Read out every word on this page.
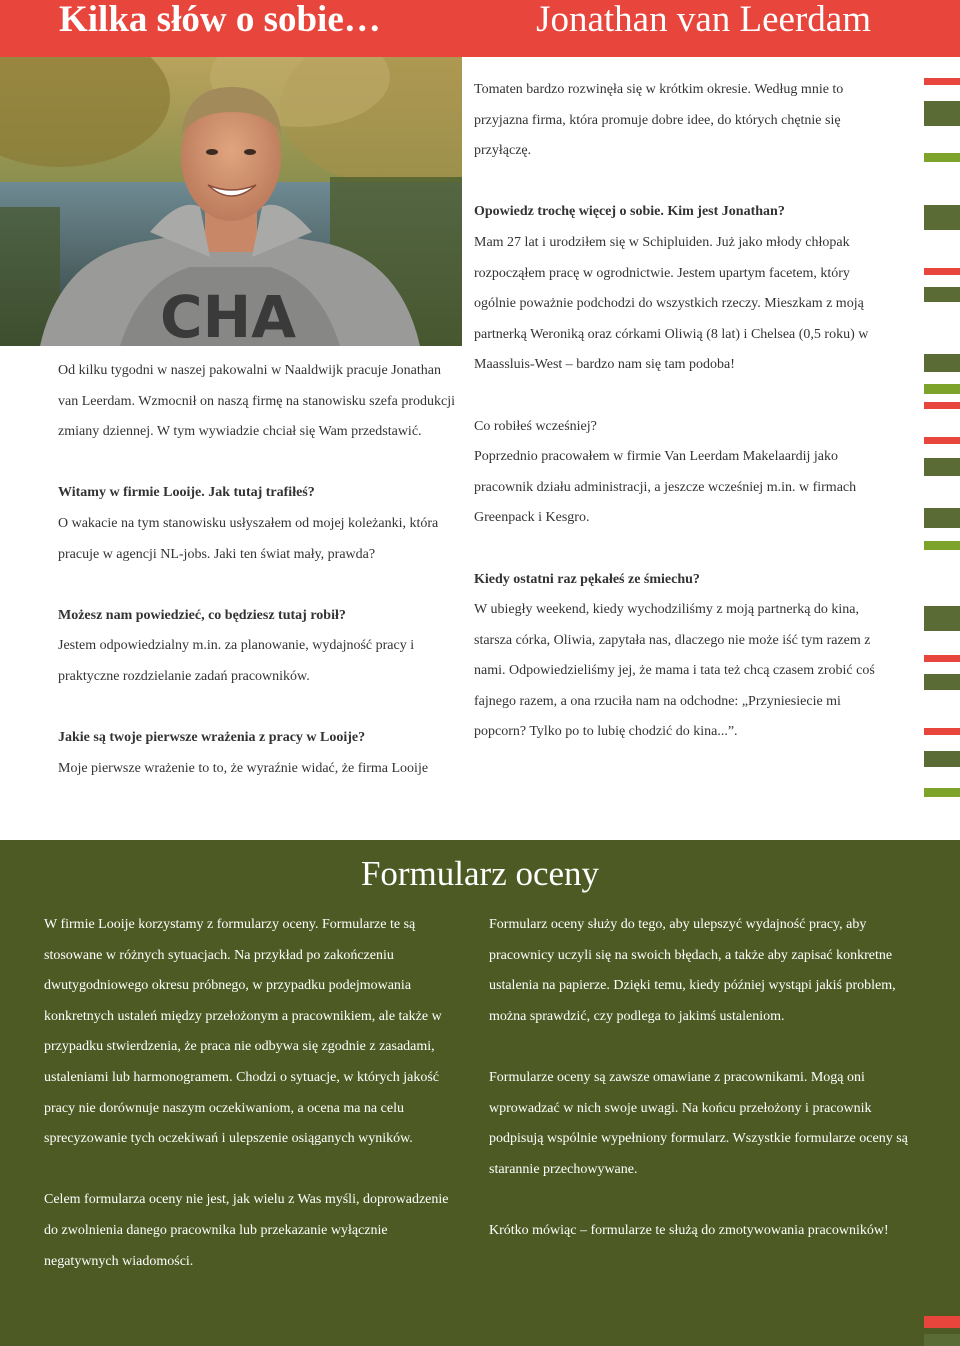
Kilka słów o sobie…	Jonathan van Leerdam
CHA

Od kilku tygodni w naszej pakowalni w Naaldwijk pracuje Jonathan van Leerdam. Wzmocnił on naszą firmę na stanowisku szefa produkcji zmiany dziennej. W tym wywiadzie chciał się Wam przedstawić.

Witamy w firmie Looije. Jak tutaj trafiłeś?

O wakacie na tym stanowisku usłyszałem od mojej koleżanki, która pracuje w agencji NL-jobs. Jaki ten świat mały, prawda?

Możesz nam powiedzieć, co będziesz tutaj robił?

Jestem odpowiedzialny m.in. za planowanie, wydajność pracy i praktyczne rozdzielanie zadań pracowników.

Jakie są twoje pierwsze wrażenia z pracy w Looije?

Moje pierwsze wrażenie to to, że wyraźnie widać, że firma Looije

Tomaten bardzo rozwinęła się w krótkim okresie. Według mnie to przyjazna firma, która promuje dobre idee, do których chętnie się przyłączę.

Opowiedz trochę więcej o sobie. Kim jest Jonathan?

Mam 27 lat i urodziłem się w Schipluiden. Już jako młody chłopak rozpocząłem pracę w ogrodnictwie. Jestem upartym facetem, który ogólnie poważnie podchodzi do wszystkich rzeczy. Mieszkam z moją partnerką Weroniką oraz córkami Oliwią (8 lat) i Chelsea (0,5 roku) w Maassluis-West – bardzo nam się tam podoba!

Co robiłeś wcześniej?

Poprzednio pracowałem w firmie Van Leerdam Makelaardij jako pracownik działu administracji, a jeszcze wcześniej m.in. w firmach Greenpack i Kesgro.

Kiedy ostatni raz pękałeś ze śmiechu?

W ubiegły weekend, kiedy wychodziliśmy z moją partnerką do kina, starsza córka, Oliwia, zapytała nas, dlaczego nie może iść tym razem z nami. Odpowiedzieliśmy jej, że mama i tata też chcą czasem zrobić coś fajnego razem, a ona rzuciła nam na odchodne: „Przyniesiecie mi popcorn? Tylko po to lubię chodzić do kina...”.

Formularz oceny

W firmie Looije korzystamy z formularzy oceny. Formularze te są stosowane w różnych sytuacjach. Na przykład po zakończeniu dwutygodniowego okresu próbnego, w przypadku podejmowania konkretnych ustaleń między przełożonym a pracownikiem, ale także w przypadku stwierdzenia, że praca nie odbywa się zgodnie z zasadami, ustaleniami lub harmonogramem. Chodzi o sytuacje, w których jakość pracy nie dorównuje naszym oczekiwaniom, a ocena ma na celu sprecyzowanie tych oczekiwań i ulepszenie osiąganych wyników.

Celem formularza oceny nie jest, jak wielu z Was myśli, doprowadzenie do zwolnienia danego pracownika lub przekazanie wyłącznie negatywnych wiadomości.

Formularz oceny służy do tego, aby ulepszyć wydajność pracy, aby pracownicy uczyli się na swoich błędach, a także aby zapisać konkretne ustalenia na papierze. Dzięki temu, kiedy później wystąpi jakiś problem, można sprawdzić, czy podlega to jakimś ustaleniom.

Formularze oceny są zawsze omawiane z pracownikami. Mogą oni wprowadzać w nich swoje uwagi. Na końcu przełożony i pracownik podpisują wspólnie wypełniony formularz. Wszystkie formularze oceny są starannie przechowywane.

Krótko mówiąc – formularze te służą do zmotywowania pracowników!
